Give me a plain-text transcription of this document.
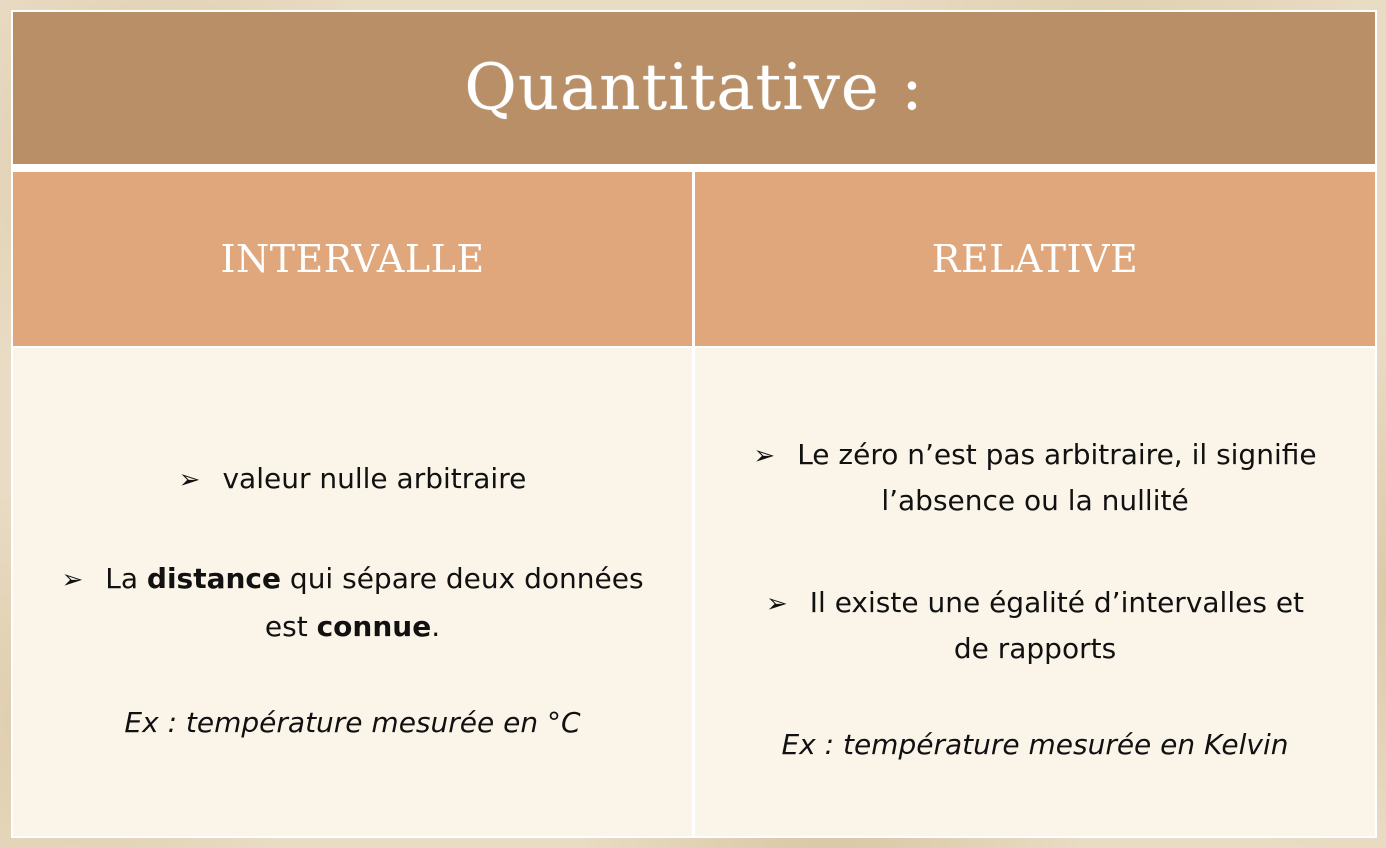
Quantitative :
INTERVALLE	RELATIVE
➢ valeur nulle arbitraire
➢ La distance qui sépare deux données
est connue.
Ex : température mesurée en °C
➢ Le zéro n’est pas arbitraire, il signifie
l’absence ou la nullité
➢ Il existe une égalité d’intervalles et
de rapports
Ex : température mesurée en Kelvin
